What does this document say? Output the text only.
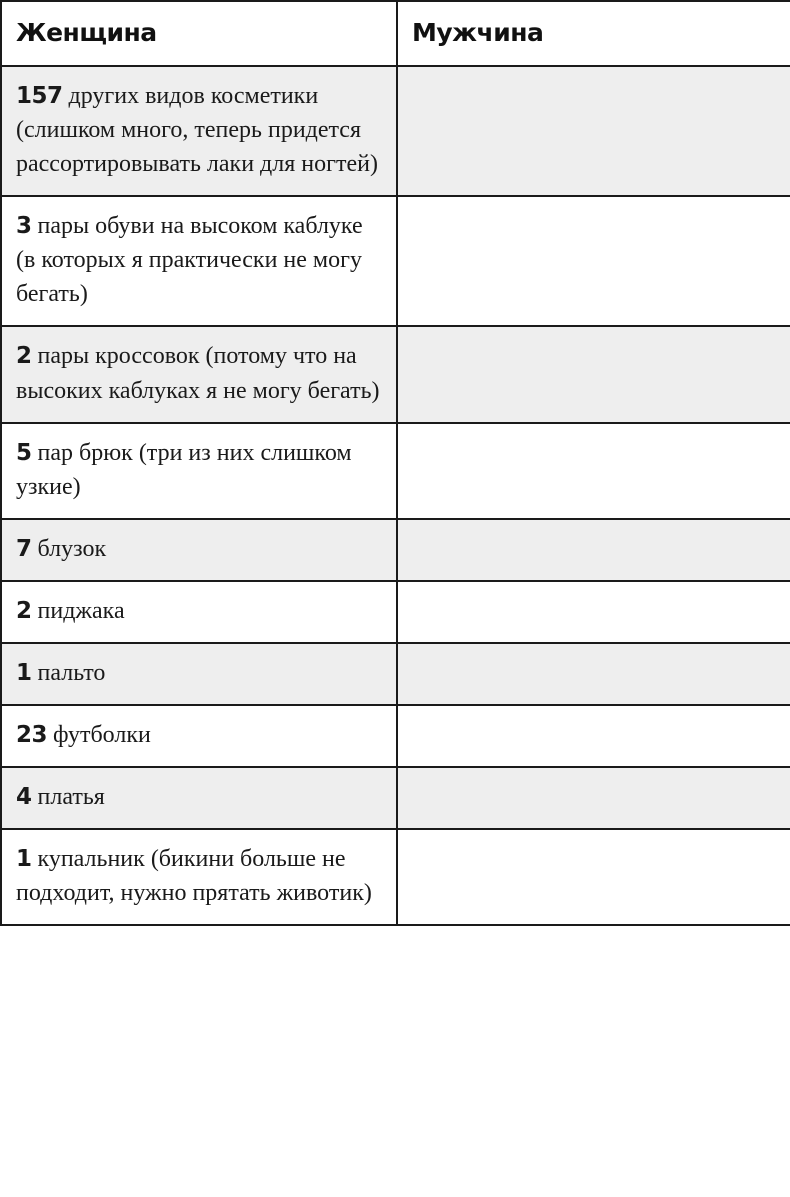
Женщина	Мужчина
157 других видов косметики (слишком много, теперь придется рассортировывать лаки для ногтей)	

3 пары обуви на высоком каблуке (в которых я практически не могу бегать)	

2 пары кроссовок (потому что на высоких каблуках я не могу бегать)	

5 пар брюк (три из них слишком узкие)	

7 блузок	

2 пиджака	

1 пальто	

23 футболки	

4 платья	

1 купальник (бикини больше не подходит, нужно прятать животик)	
